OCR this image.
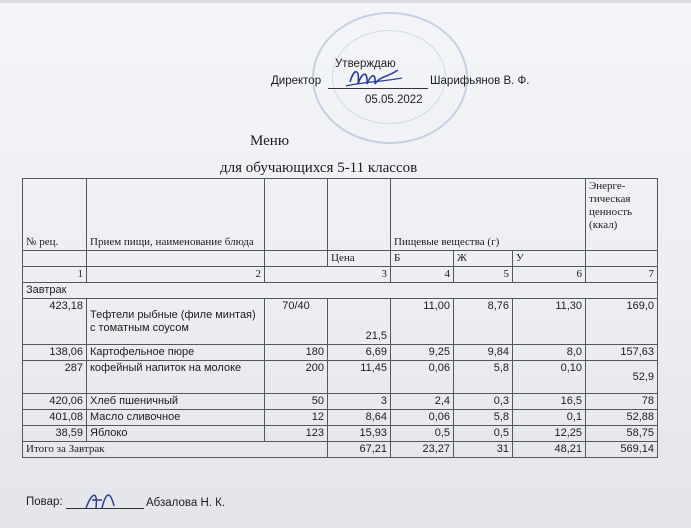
Утверждаю
Директор	Шарифьянов В. Ф.
05.05.2022
Меню
для обучающихся 5-11 классов
№ рец.	Прием пищи, наименование блюда			Пищевые вещества (г)			Энерге-тическая ценность (ккал)
			Цена	Б	Ж	У	
1	2	3		4	5	6	7
Завтрак							
423,18	Тефтели рыбные (филе минтая) с томатным соусом	70/40	21,5	11,00	8,76	11,30	169,0
138,06	Картофельное пюре	180	6,69	9,25	9,84	8,0	157,63
287	кофейный напиток на молоке	200	11,45	0,06	5,8	0,10	52,9
420,06	Хлеб пшеничный	50	3	2,4	0,3	16,5	78
401,08	Масло сливочное	12	8,64	0,06	5,8	0,1	52,88
38,59	Яблоко	123	15,93	0,5	0,5	12,25	58,75
Итого за Завтрак			67,21	23,27	31	48,21	569,14
Повар:	Абзалова Н. К.
